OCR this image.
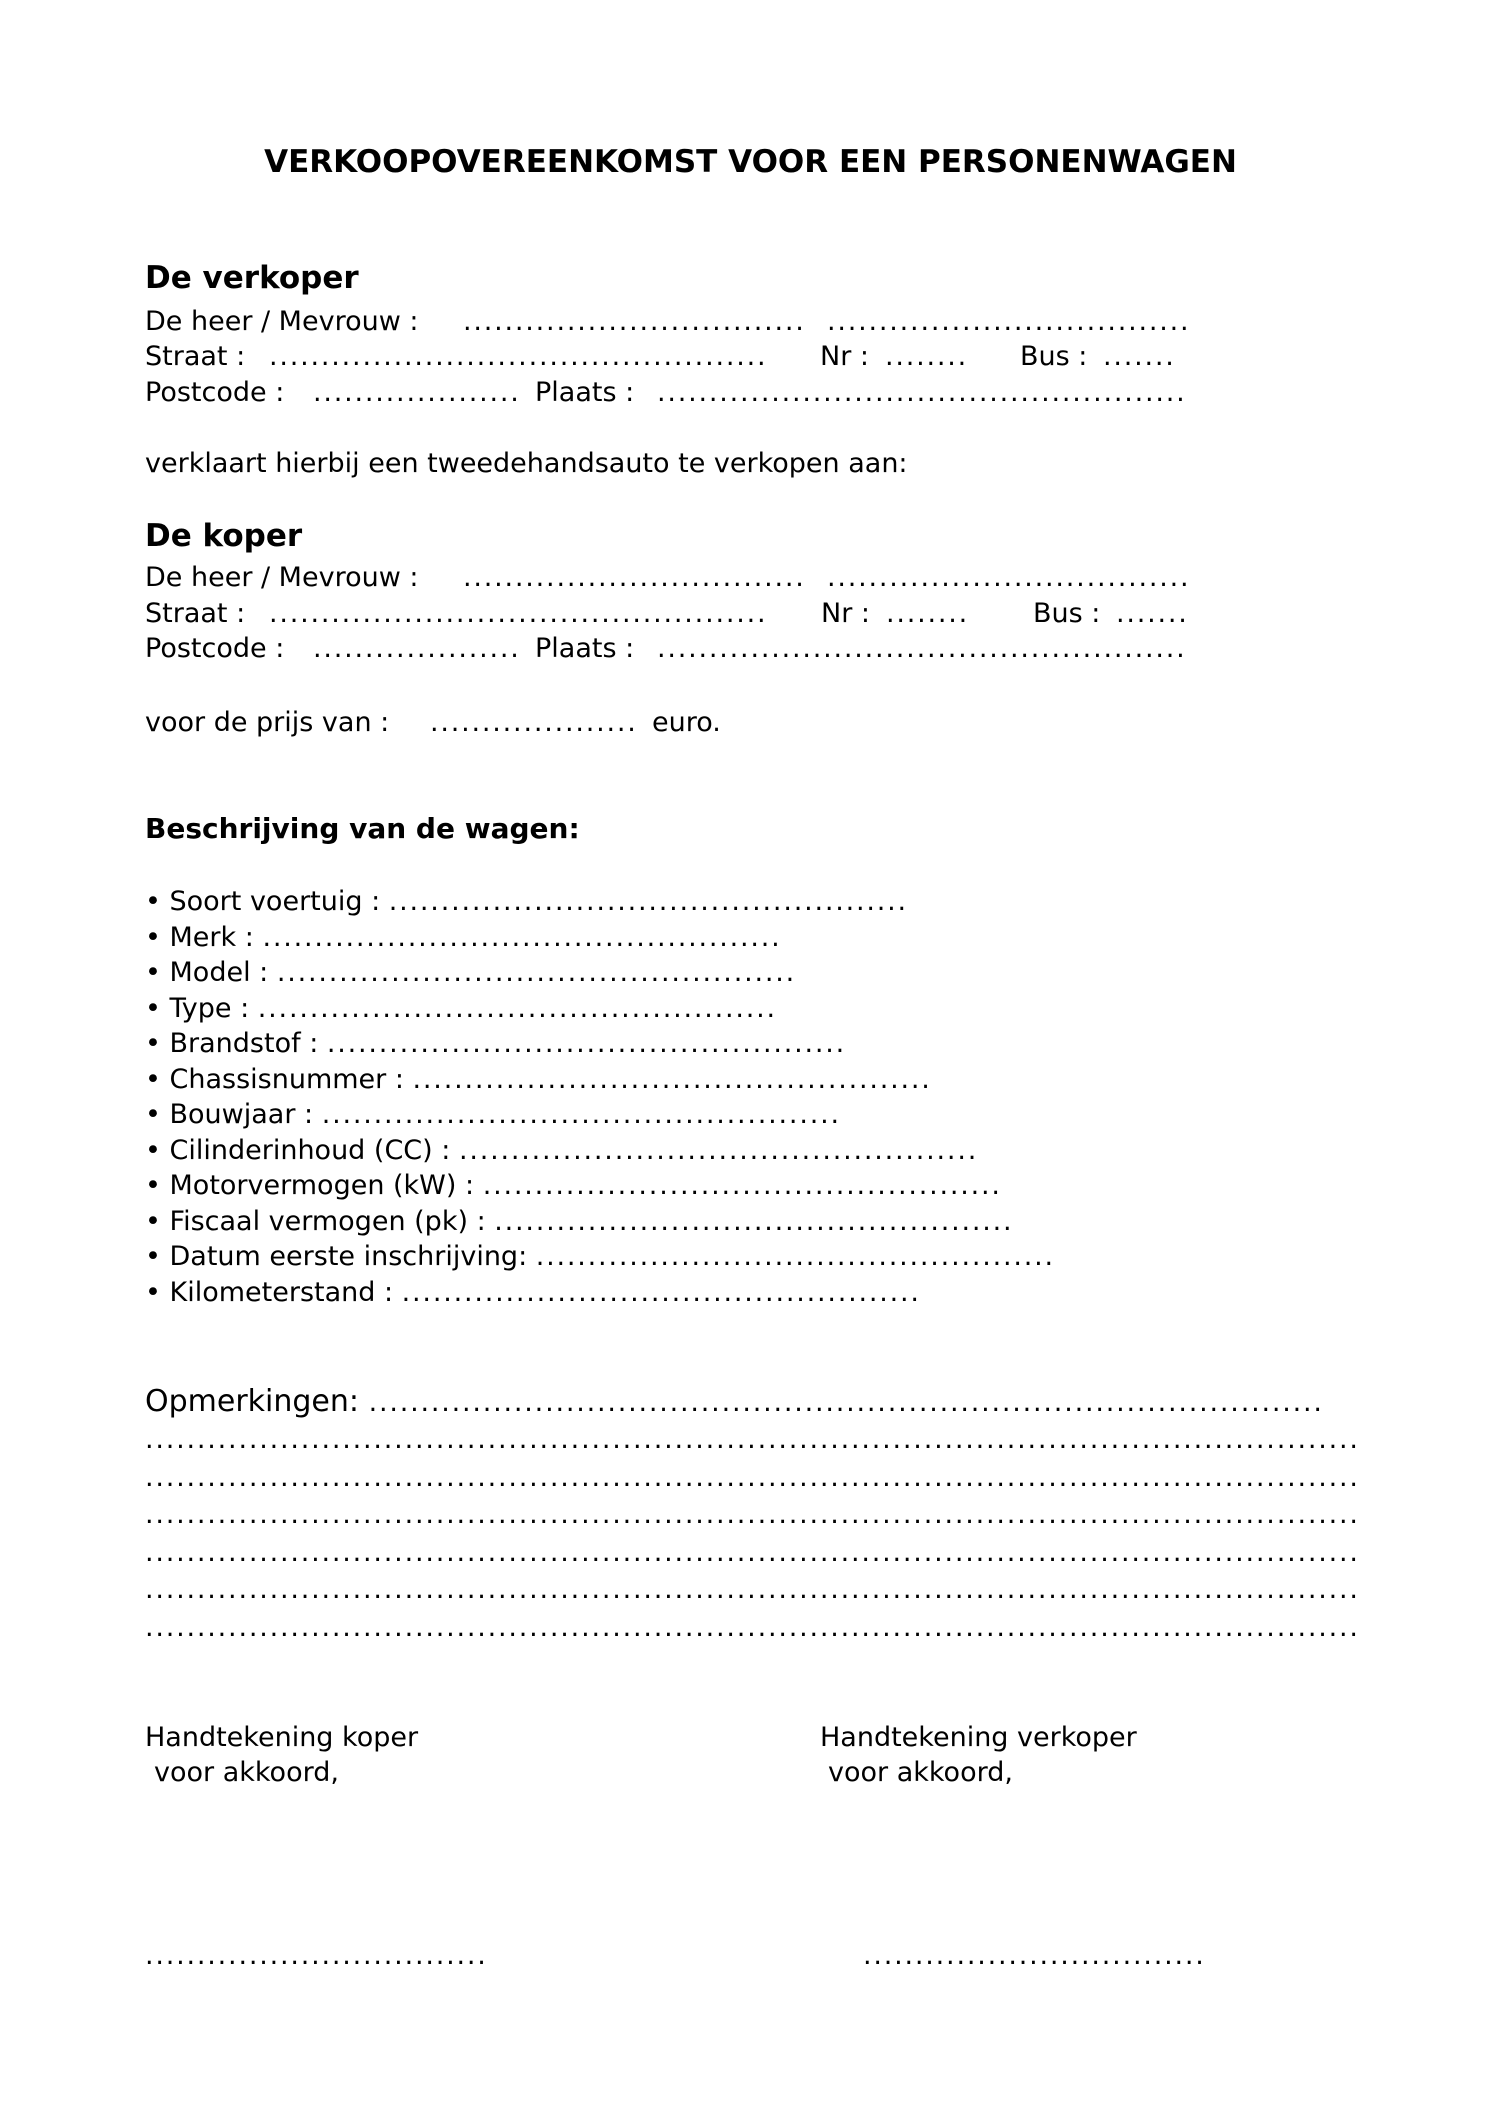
VERKOOPOVEREENKOMST VOOR EEN PERSONENWAGEN
De verkoper
De heer / Mevrouw : ................................. ...................................
Straat : ................................................ Nr : ........ Bus : .......
Postcode : .................... Plaats : ...................................................
verklaart hierbij een tweedehandsauto te verkopen aan:
De koper
De heer / Mevrouw : ................................. ...................................
Straat : ................................................ Nr : ........ Bus : .......
Postcode : .................... Plaats : ...................................................
voor de prijs van : .................... euro.
Beschrijving van de wagen:
• Soort voertuig : ..................................................
• Merk : ..................................................
• Model : ..................................................
• Type : ..................................................
• Brandstof : ..................................................
• Chassisnummer : ..................................................
• Bouwjaar : ..................................................
• Cilinderinhoud (CC) : ..................................................
• Motorvermogen (kW) : ..................................................
• Fiscaal vermogen (pk) : ..................................................
• Datum eerste inschrijving: ..................................................
• Kilometerstand : ..................................................
Opmerkingen: ............................................................................................
.....................................................................................................................
.....................................................................................................................
.....................................................................................................................
.....................................................................................................................
.....................................................................................................................
.....................................................................................................................
Handtekening koper
voor akkoord,
Handtekening verkoper
voor akkoord,
.................................	.................................
